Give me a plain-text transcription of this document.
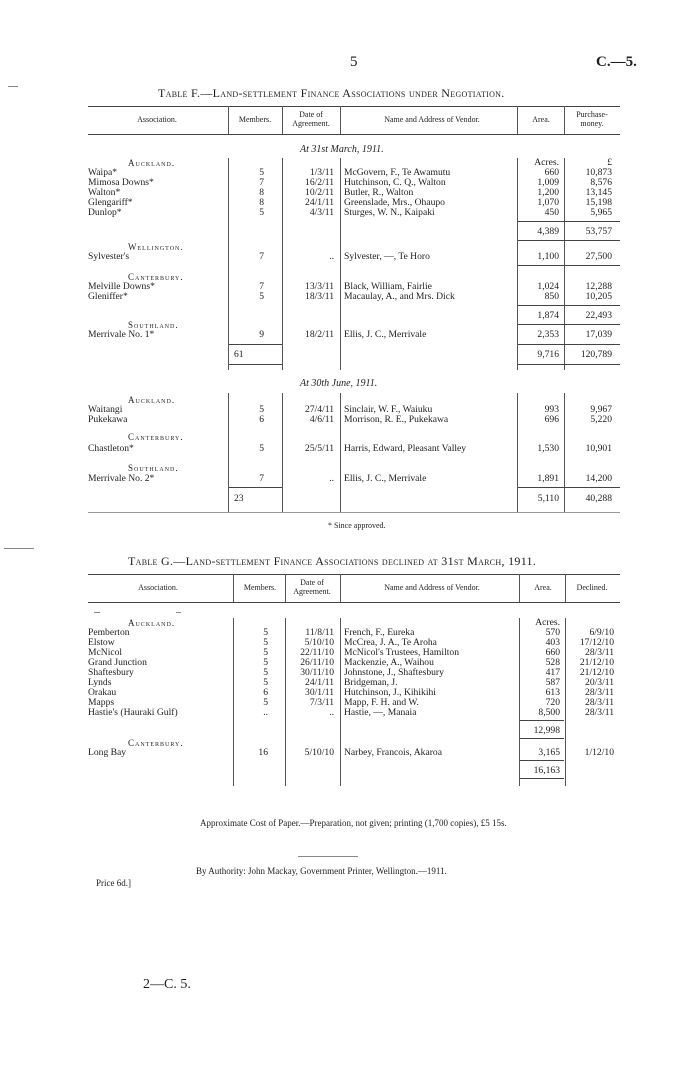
5	C.—5.
Table F.—Land-settlement Finance Associations under Negotiation.
Association.	Members.
Date of Agreement.	Name and Address of Vendor.	Area.
Purchase-money.
At 31st March, 1911.
Acres.	£
Auckland.
Waipa*	5	1/3/11 McGovern, F., Te Awamutu	660	10,873
Mimosa Downs*	7	16/2/11 Hutchinson, C. Q., Walton	1,009	8,576
Walton*	8	10/2/11 Butler, R., Walton	1,200	13,145
Glengariff*	8	24/1/11 Greenslade, Mrs., Ohaupo	1,070	15,198
Dunlop*	5	4/3/11 Sturges, W. N., Kaipaki	450	5,965
4,389	53,757
Wellington.
Sylvester's	7	.. Sylvester, —, Te Horo	1,100	27,500
Canterbury.
Melville Downs*	7	13/3/11 Black, William, Fairlie	1,024	12,288
Gleniffer*	5	18/3/11 Macaulay, A., and Mrs. Dick	850	10,205
1,874	22,493
Southland.
Merrivale No. 1*	9	18/2/11 Ellis, J. C., Merrivale	2,353	17,039
61	9,716	120,789
At 30th June, 1911.
Auckland.
Waitangi	5	27/4/11 Sinclair, W. F., Waiuku	993	9,967
Pukekawa	6	4/6/11 Morrison, R. E., Pukekawa	696	5,220
Canterbury.
Chastleton*	5	25/5/11 Harris, Edward, Pleasant Valley	1,530	10,901
Southland.
Merrivale No. 2*	7	.. Ellis, J. C., Merrivale	1,891	14,200
23	5,110	40,288
* Since approved.
Table G.—Land-settlement Finance Associations declined at 31st March, 1911.
Association.	Members.
Date of Agreement.	Name and Address of Vendor.	Area.	Declined.
Auckland.	Acres.
Pemberton	5	11/8/11 French, F., Eureka	570	6/9/10
Elstow	5	5/10/10 McCrea, J. A., Te Aroha	403	17/12/10
McNicol	5	22/11/10 McNicol's Trustees, Hamilton	660	28/3/11
Grand Junction	5	26/11/10 Mackenzie, A., Waihou	528	21/12/10
Shaftesbury	5	30/11/10 Johnstone, J., Shaftesbury	417	21/12/10
Lynds	5	24/1/11 Bridgeman, J.	587	20/3/11
Orakau	6	30/1/11 Hutchinson, J., Kihikihi	613	28/3/11
Mapps	5	7/3/11 Mapp, F. H. and W.	720	28/3/11
Hastie's (Hauraki Gulf)	..	.. Hastie, —, Manaia	8,500	28/3/11
12,998
Canterbury.
Long Bay	16	5/10/10 Narbey, Francois, Akaroa	3,165	1/12/10
16,163
Approximate Cost of Paper.—Preparation, not given; printing (1,700 copies), £5 15s.
By Authority: John Mackay, Government Printer, Wellington.—1911.
Price 6d.]
2—C. 5.
